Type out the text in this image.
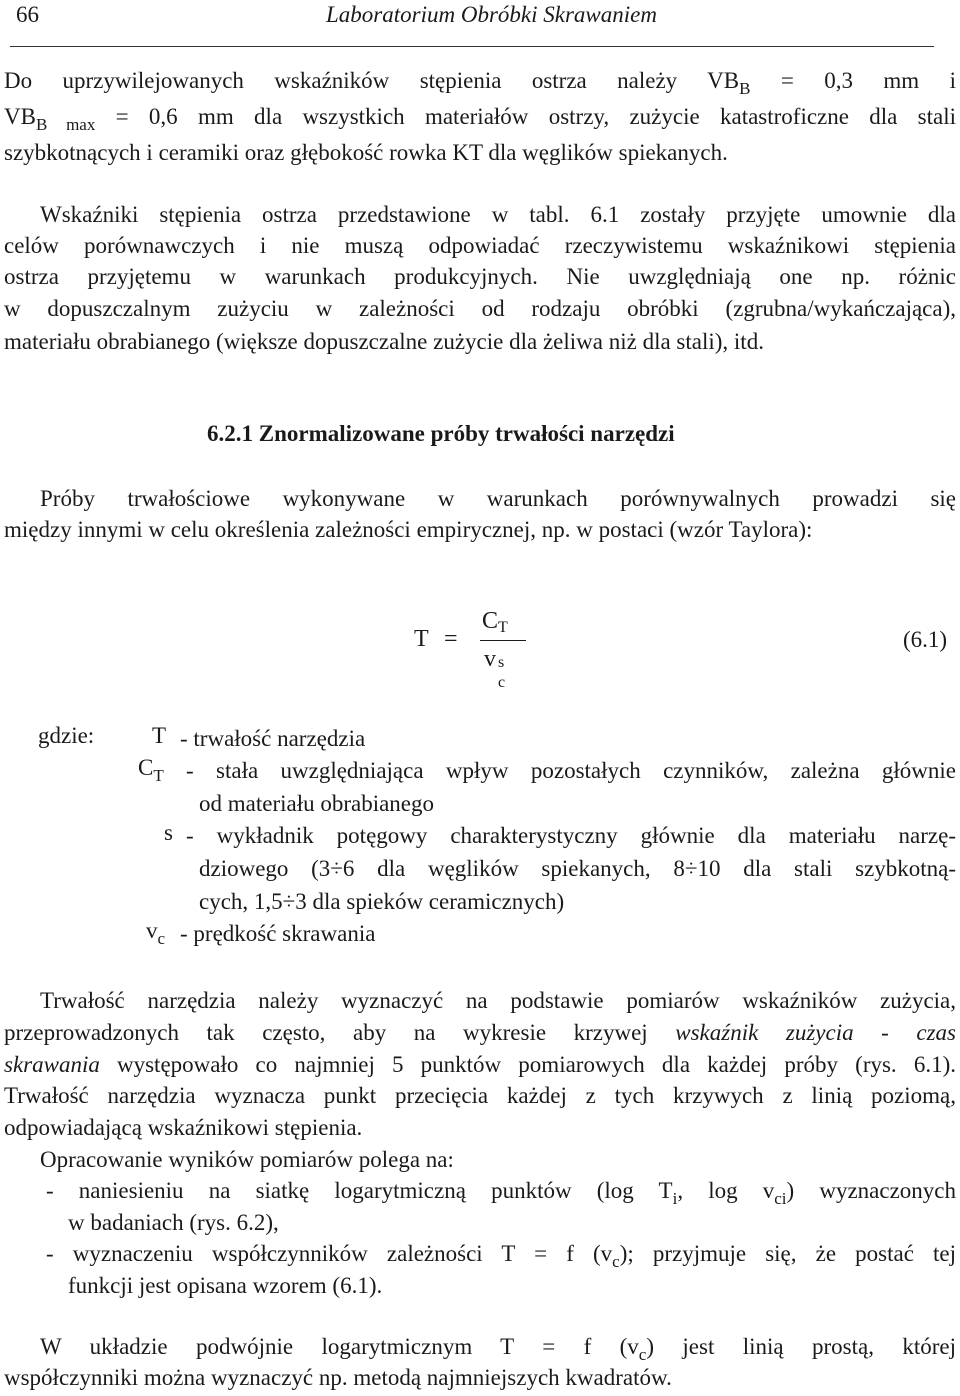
66	Laboratorium Obróbki Skrawaniem
Do uprzywilejowanych wskaźników stępienia ostrza należy $VB_B = 0,3$ mm i
$VB_{B max} = 0,6$ mm dla wszystkich materiałów ostrzy, zużycie katastroficzne dla stali
szybkotnących i ceramiki oraz głębokość rowka KT dla węglików spiekanych.
Wskaźniki stępienia ostrza przedstawione w tabl. 6.1 zostały przyjęte umownie dla
celów porównawczych i nie muszą odpowiadać rzeczywistemu wskaźnikowi stępienia
ostrza przyjętemu w warunkach produkcyjnych. Nie uwzględniają one np. różnic
w dopuszczalnym zużyciu w zależności od rodzaju obróbki (zgrubna/wykańczająca),
materiału obrabianego (większe dopuszczalne zużycie dla żeliwa niż dla stali), itd.
6.2.1 Znormalizowane próby trwałości narzędzi
Próby trwałościowe wykonywane w warunkach porównywalnych prowadzi się
między innymi w celu określenia zależności empirycznej, np. w postaci (wzór Taylora):
T =
CT
v s
c
(6.1)
gdzie:	T - trwałość narzędzia
$C_T$ - stała uwzględniająca wpływ pozostałych czynników, zależna głównie
od materiału obrabianego
s - wykładnik potęgowy charakterystyczny głównie dla materiału narzę-
dziowego (3÷6 dla węglików spiekanych, 8÷10 dla stali szybkotną-
cych, 1,5÷3 dla spieków ceramicznych)
$v_c$ - prędkość skrawania
Trwałość narzędzia należy wyznaczyć na podstawie pomiarów wskaźników zużycia,
przeprowadzonych tak często, aby na wykresie krzywej wskaźnik zużycia - czas
skrawania występowało co najmniej 5 punktów pomiarowych dla każdej próby (rys. 6.1).
Trwałość narzędzia wyznacza punkt przecięcia każdej z tych krzywych z linią poziomą,
odpowiadającą wskaźnikowi stępienia.
Opracowanie wyników pomiarów polega na:
- naniesieniu na siatkę logarytmiczną punktów (log $T_i$, $\log v_{ci}$) wyznaczonych
w badaniach (rys. 6.2),
- wyznaczeniu współczynników zależności T = f $(v_c)$; przyjmuje się, że postać tej
funkcji jest opisana wzorem (6.1).
W układzie podwójnie logarytmicznym T = f $(v_c)$ jest linią prostą, której
współczynniki można wyznaczyć np. metodą najmniejszych kwadratów.
